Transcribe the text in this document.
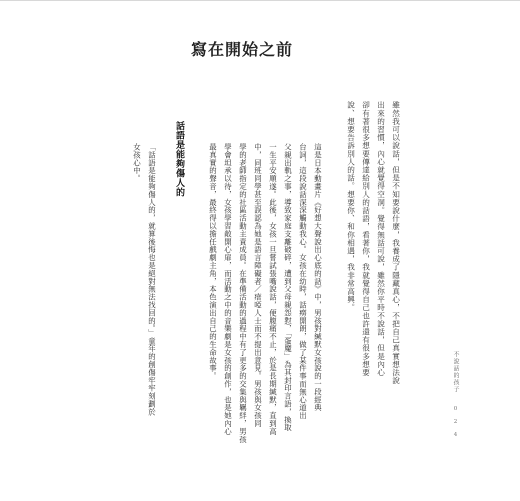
寫在開始之前
雖然我可以說話，但是不知要說什麼，我養成了隱藏真心，不把自己真實想法說
出來的習慣，內心就覺得空洞。覺得無話可說，雖然你平時不說話，但是內心
卻有著很多想要傳達給別人的話語，看著你，我就覺得自己也許還有很多想要
說、想要告訴別人的話。想要你、和你相遇，我非常高興。
這是日本動畫片《好想大聲說出心底的話》中，男孩對緘默女孩說的一段經典
台詞，這段說話深深觸動我心。女孩在幼時，話癆開朗，做了某件事而無心道出
父親出軌之事，導致家庭支離破碎，遭到父母親怨懟，「蛋魔」為其封印言語，換取
一生平安順遂。此後，女孩一旦嘗試張嘴說話，便腹痛不止，於是長期緘默，直到高
中，同班同學甚至誤認為她是語言障礙者／瘖啞人士而不提出意見。男孩與女孩同
學的老師指定的社區活動主責成員。在準備活動的過程中有了更多的交集與羈絆，男孩
學會坦承以待，女孩學習敞開心扉，而活動之中的音樂劇是女孩的創作，也是她內心
最真實的聲音，最終得以擔任戲劇主角，本色演出自己的生命故事。
話語是能夠傷人的
「話語是能夠傷人的，就算後悔也是絕對無法找回的。」童年的創傷牢牢刻劃於
女孩心中。
不說話的孩子
0 2 4
